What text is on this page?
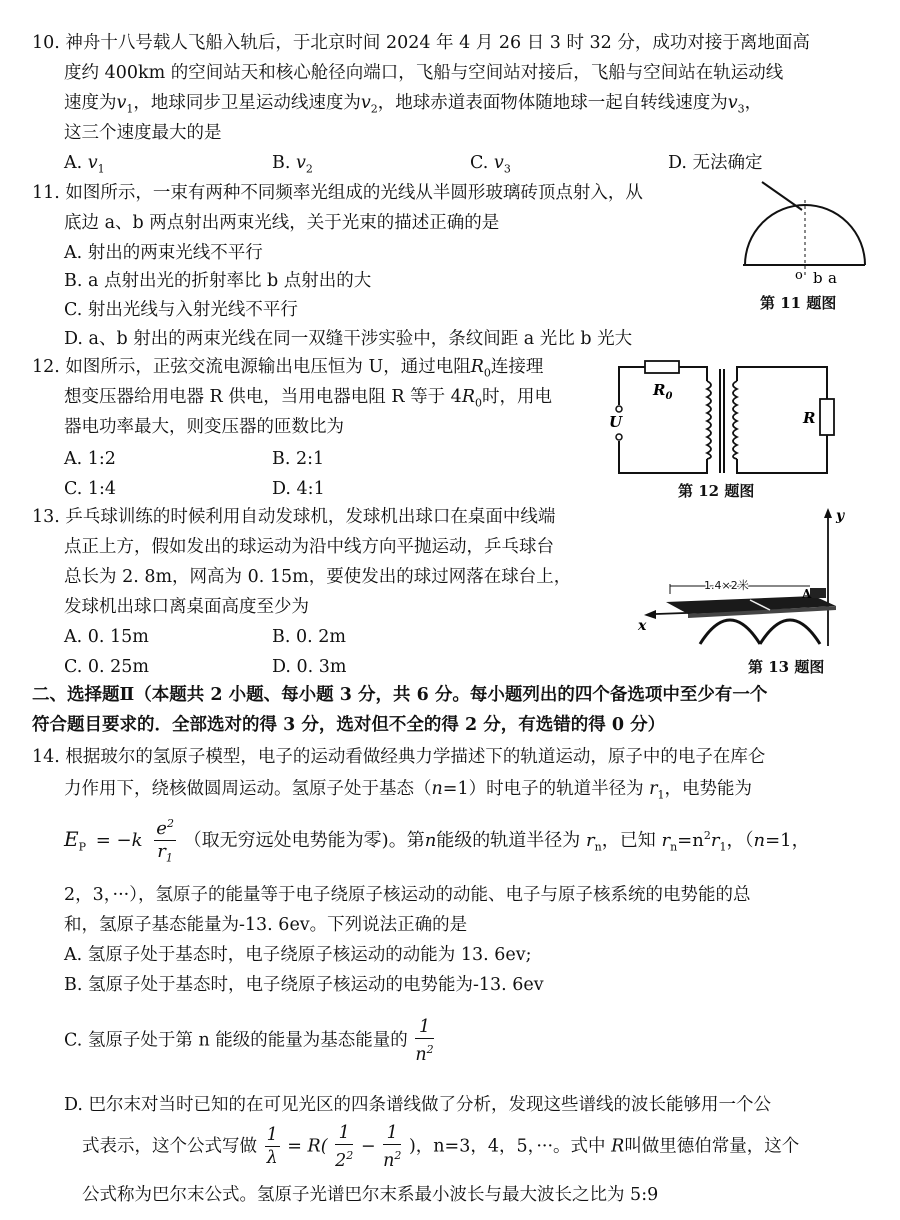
10. 神舟十八号载人飞船入轨后，于北京时间 2024 年 4 月 26 日 3 时 32 分，成功对接于离地面高
度约 400km 的空间站天和核心舱径向端口，飞船与空间站对接后，飞船与空间站在轨运动线
速度为$v_1$，地球同步卫星运动线速度为$v_2$，地球赤道表面物体随地球一起自转线速度为$v_3$，
这三个速度最大的是
A. $v_1$	B. $v_2$	C. $v_3$	D. 无法确定
11. 如图所示，一束有两种不同频率光组成的光线从半圆形玻璃砖顶点射入，从
底边 a、b 两点射出两束光线，关于光束的描述正确的是
A. 射出的两束光线不平行
B. a 点射出光的折射率比 b 点射出的大
C. 射出光线与入射光线不平行
D. a、b 射出的两束光线在同一双缝干涉实验中，条纹间距 a 光比 b 光大
o b a
第 11 题图
12. 如图所示，正弦交流电源输出电压恒为 U，通过电阻$R_0$连接理
想变压器给用电器 R 供电，当用电器电阻 R 等于 $4R_0$时，用电
器电功率最大，则变压器的匝数比为
A. 1:2	B. 2:1
C. 1:4	D. 4:1
$R_0$
U	R
第 12 题图
13. 乒乓球训练的时候利用自动发球机，发球机出球口在桌面中线端
点正上方，假如发出的球运动为沿中线方向平抛运动，乒乓球台
总长为 2. 8m，网高为 0. 15m，要使发出的球过网落在球台上，
发球机出球口离桌面高度至少为
A. 0. 15m	B. 0. 2m
C. 0. 25m	D. 0. 3m
y
x
1.4×2米
A
第 13 题图
二、选择题Ⅱ（本题共 2 小题、每小题 3 分，共 6 分。每小题列出的四个备选项中至少有一个
符合题目要求的．全部选对的得 3 分，选对但不全的得 2 分，有选错的得 0 分）
14. 根据玻尔的氢原子模型，电子的运动看做经典力学描述下的轨道运动，原子中的电子在库仑
力作用下，绕核做圆周运动。氢原子处于基态（n=1）时电子的轨道半径为 $r_1$，电势能为
$E_P = -k \frac{e^2}{r_1}$ （取无穷远处电势能为零)。第n能级的轨道半径为 $r_n$，已知 $r_n=n^2r_1$，（n=1，
2，3，···），氢原子的能量等于电子绕原子核运动的动能、电子与原子核系统的电势能的总
和，氢原子基态能量为-13. 6ev。下列说法正确的是
A. 氢原子处于基态时，电子绕原子核运动的动能为 13. 6ev;
B. 氢原子处于基态时，电子绕原子核运动的电势能为-13. 6ev
C. 氢原子处于第 n 能级的能量为基态能量的 $\frac{1}{n^2}$
D. 巴尔末对当时已知的在可见光区的四条谱线做了分析，发现这些谱线的波长能够用一个公
式表示，这个公式写做 $\frac{1}{\lambda} = R( \frac{1}{2^2} - \frac{1}{n^2}$ )，n=3，4，5，···。式中 R叫做里德伯常量，这个
公式称为巴尔末公式。氢原子光谱巴尔末系最小波长与最大波长之比为 5:9
